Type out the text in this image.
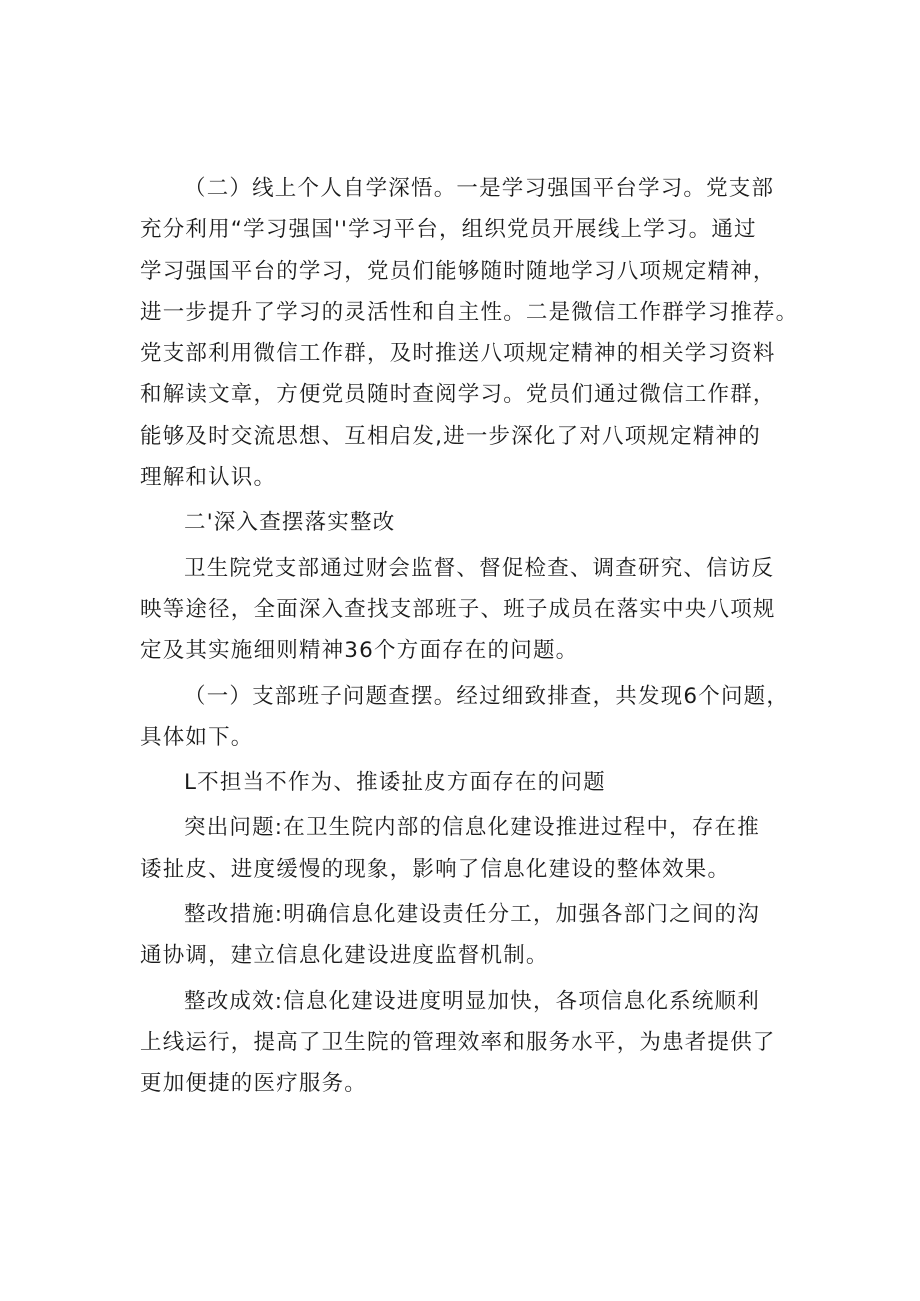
（二）线上个人自学深悟。一是学习强国平台学习。党支部
充分利用“学习强国''学习平台，组织党员开展线上学习。通过
学习强国平台的学习，党员们能够随时随地学习八项规定精神，
进一步提升了学习的灵活性和自主性。二是微信工作群学习推荐。
党支部利用微信工作群，及时推送八项规定精神的相关学习资料
和解读文章，方便党员随时查阅学习。党员们通过微信工作群，
能够及时交流思想、互相启发,进一步深化了对八项规定精神的
理解和认识。
二'深入查摆落实整改
卫生院党支部通过财会监督、督促检查、调查研究、信访反
映等途径，全面深入查找支部班子、班子成员在落实中央八项规
定及其实施细则精神36个方面存在的问题。
（一）支部班子问题查摆。经过细致排查，共发现6个问题，
具体如下。
L不担当不作为、推诿扯皮方面存在的问题
突出问题:在卫生院内部的信息化建设推进过程中，存在推
诿扯皮、进度缓慢的现象，影响了信息化建设的整体效果。
整改措施:明确信息化建设责任分工，加强各部门之间的沟
通协调，建立信息化建设进度监督机制。
整改成效:信息化建设进度明显加快，各项信息化系统顺利
上线运行，提高了卫生院的管理效率和服务水平，为患者提供了
更加便捷的医疗服务。
